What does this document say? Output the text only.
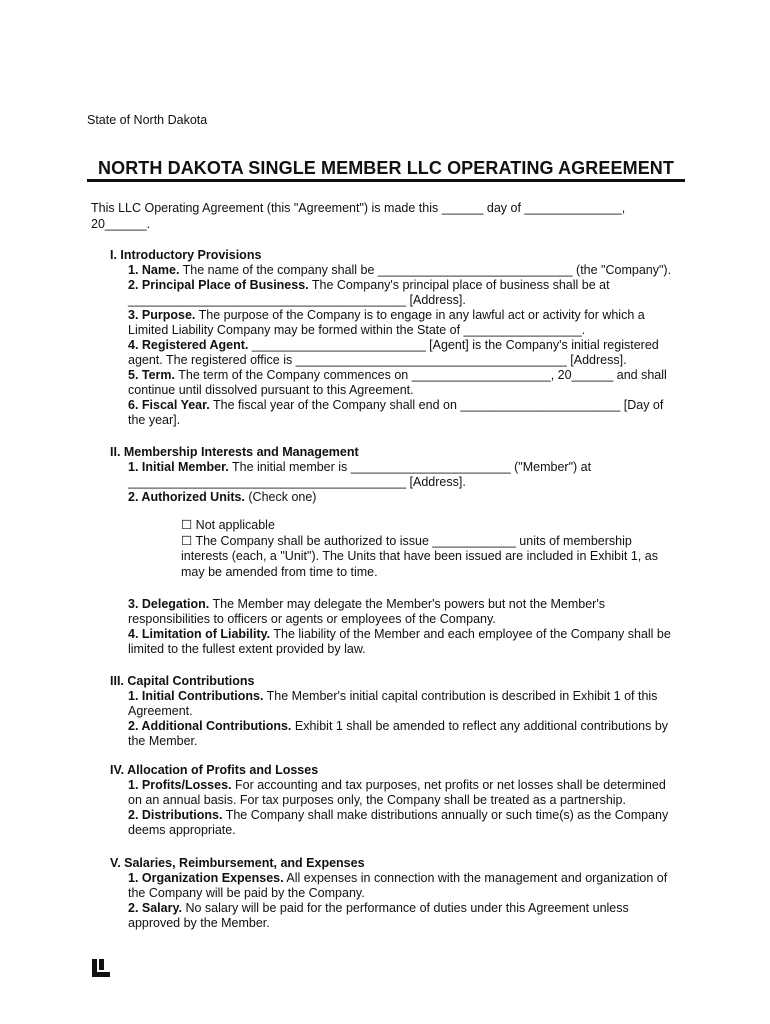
State of North Dakota
NORTH DAKOTA SINGLE MEMBER LLC OPERATING AGREEMENT
This LLC Operating Agreement (this "Agreement") is made this ______ day of ______________,
20______.
I. Introductory Provisions
1. Name. The name of the company shall be ____________________________ (the "Company").
2. Principal Place of Business. The Company's principal place of business shall be at
________________________________________ [Address].
3. Purpose. The purpose of the Company is to engage in any lawful act or activity for which a
Limited Liability Company may be formed within the State of _________________.
4. Registered Agent. _________________________ [Agent] is the Company's initial registered
agent. The registered office is _______________________________________ [Address].
5. Term. The term of the Company commences on ____________________, 20______ and shall
continue until dissolved pursuant to this Agreement.
6. Fiscal Year. The fiscal year of the Company shall end on _______________________ [Day of
the year].
II. Membership Interests and Management
1. Initial Member. The initial member is _______________________ ("Member") at
________________________________________ [Address].
2. Authorized Units. (Check one)
☐ Not applicable
☐ The Company shall be authorized to issue ____________ units of membership
interests (each, a "Unit"). The Units that have been issued are included in Exhibit 1, as
may be amended from time to time.
3. Delegation. The Member may delegate the Member's powers but not the Member's
responsibilities to officers or agents or employees of the Company.
4. Limitation of Liability. The liability of the Member and each employee of the Company shall be
limited to the fullest extent provided by law.
III. Capital Contributions
1. Initial Contributions. The Member's initial capital contribution is described in Exhibit 1 of this
Agreement.
2. Additional Contributions. Exhibit 1 shall be amended to reflect any additional contributions by
the Member.
IV. Allocation of Profits and Losses
1. Profits/Losses. For accounting and tax purposes, net profits or net losses shall be determined
on an annual basis. For tax purposes only, the Company shall be treated as a partnership.
2. Distributions. The Company shall make distributions annually or such time(s) as the Company
deems appropriate.
V. Salaries, Reimbursement, and Expenses
1. Organization Expenses. All expenses in connection with the management and organization of
the Company will be paid by the Company.
2. Salary. No salary will be paid for the performance of duties under this Agreement unless
approved by the Member.
